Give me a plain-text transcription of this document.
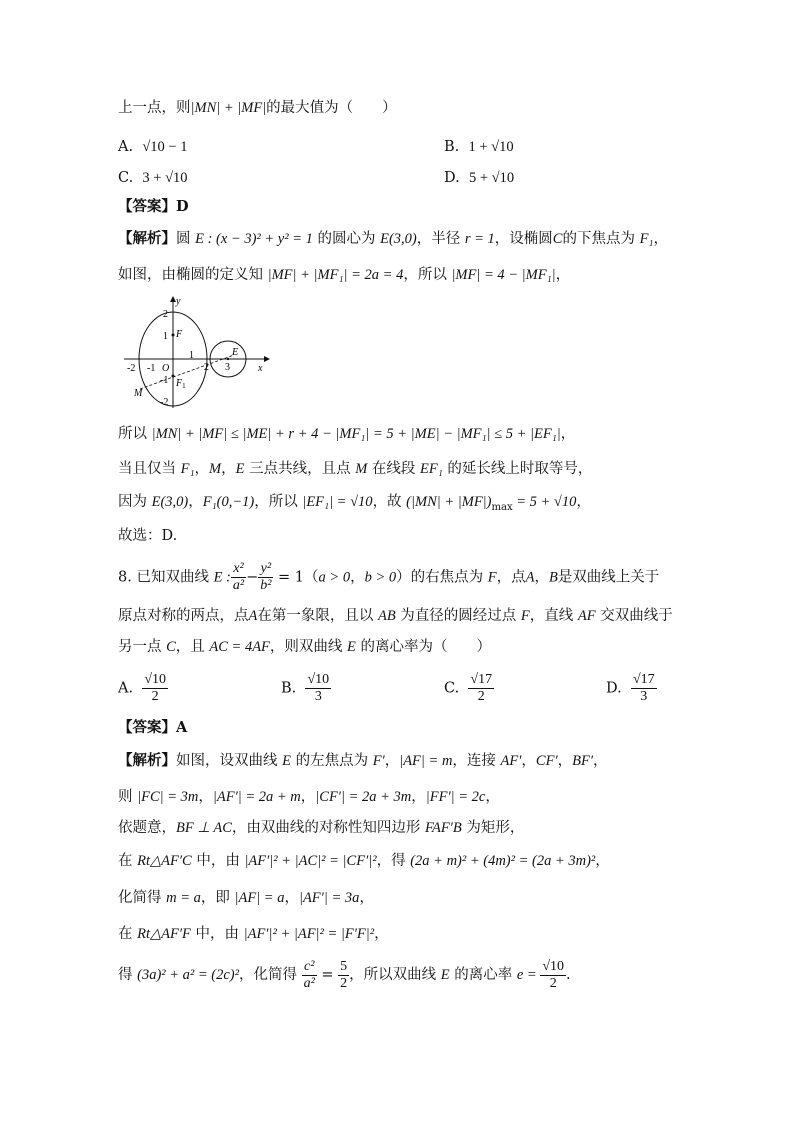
上一点，则|MN| + |MF|的最大值为（　　）
A. √10 − 1	B. 1 + √10
C. 3 + √10	D. 5 + √10
【答案】D
【解析】圆 E : (x − 3)² + y² = 1 的圆心为 E(3,0)，半径 r = 1，设椭圆C的下焦点为 F₁，
如图，由椭圆的定义知 |MF| + |MF₁| = 2a = 4，所以 |MF| = 4 − |MF₁|，
x
y
-2 -1 O
1
2 3
2
1
-1
-2
F
$F_1$
E
M
所以 |MN| + |MF| ≤ |ME| + r + 4 − |MF₁| = 5 + |ME| − |MF₁| ≤ 5 + |EF₁|，
当且仅当 F₁，M，E 三点共线，且点 M 在线段 EF₁ 的延长线上时取等号，
因为 E(3,0)，F₁(0,−1)，所以 |EF₁| = √10，故 $(|MN| + |MF|)_{max} = 5 + √10$，
故选：D.
8. 已知双曲线 E : $\frac{\text{x²}}{\text{a²}} - \frac{\text{y²}}{\text{b²}} = 1(a > 0$，b > 0）的右焦点为 F，点A，B是双曲线上关于
原点对称的两点，点A在第一象限，且以 AB 为直径的圆经过点 F，直线 AF 交双曲线于
另一点 C，且 AC = 4AF，则双曲线 E 的离心率为（　　）
A. $\frac{√10}{2}$	B. $\frac{√10}{3}$	C. $\frac{√17}{2}$	D. $\frac{√17}{3}$
【答案】A
【解析】如图，设双曲线 E 的左焦点为 F′，|AF| = m，连接 AF′，CF′，BF′，
则 |FC| = 3m，|AF′| = 2a + m，|CF′| = 2a + 3m，|FF′| = 2c，
依题意，BF ⊥ AC，由双曲线的对称性知四边形 FAF′B 为矩形，
在 Rt△AF′C 中，由 |AF′|² + |AC|² = |CF′|²，得 (2a + m)² + (4m)² = (2a + 3m)²，
化简得 m = a，即 |AF| = a，|AF′| = 3a，
在 Rt△AF′F 中，由 |AF′|² + |AF|² = |F′F|²，
得 (3a)² + a² = (2c)²，化简得 $\frac{\text{c²}}{\text{a²}} = \frac{5}{2}$ ，所以双曲线 E 的离心率 $e = \frac{√10}{2}$ .
